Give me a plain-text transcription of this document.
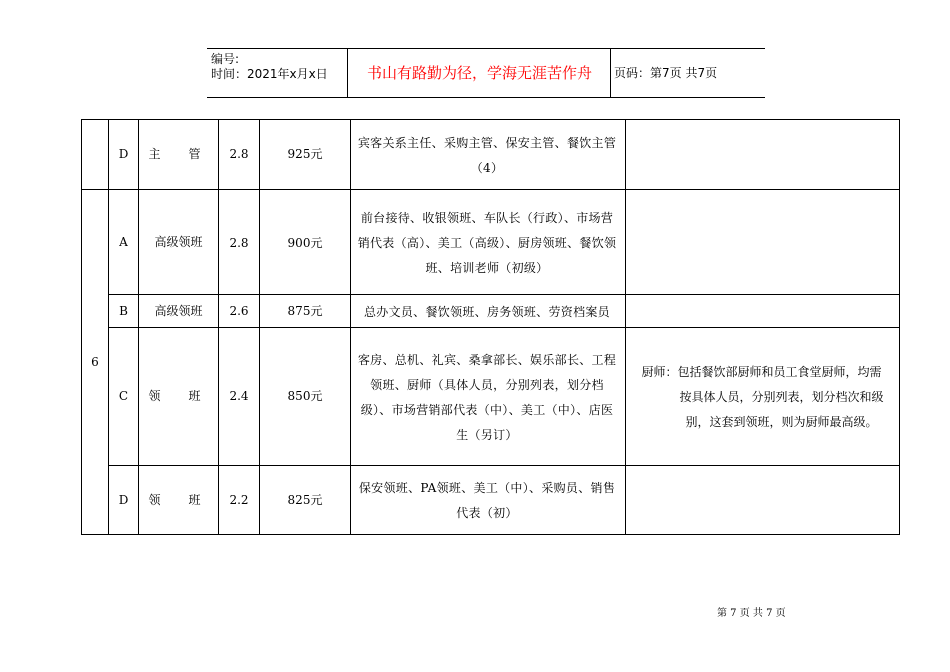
编号:
时间：2021年x月x日	书山有路勤为径，学海无涯苦作舟	页码：第7页 共7页
	D	主　管	2.8	925元	宾客关系主任、采购主管、保安主管、餐饮主管（4）	
6	A	高级领班	2.8	900元	前台接待、收银领班、车队长（行政）、市场营销代表（高）、美工（高级）、厨房领班、餐饮领班、培训老师（初级）	
	B	高级领班	2.6	875元	总办文员、餐饮领班、房务领班、劳资档案员	
	C	领　班	2.4	850元	客房、总机、礼宾、桑拿部长、娱乐部长、工程领班、厨师（具体人员，分别列表，划分档级）、市场营销部代表（中）、美工（中）、店医生（另订）	厨师：包括餐饮部厨师和员工食堂厨师，均需
按具体人员，分别列表，划分档次和级
别，这套到领班，则为厨师最高级。

	D	领　班	2.2	825元	保安领班、PA领班、美工（中）、采购员、销售代表（初）	
第 7 页 共 7 页
